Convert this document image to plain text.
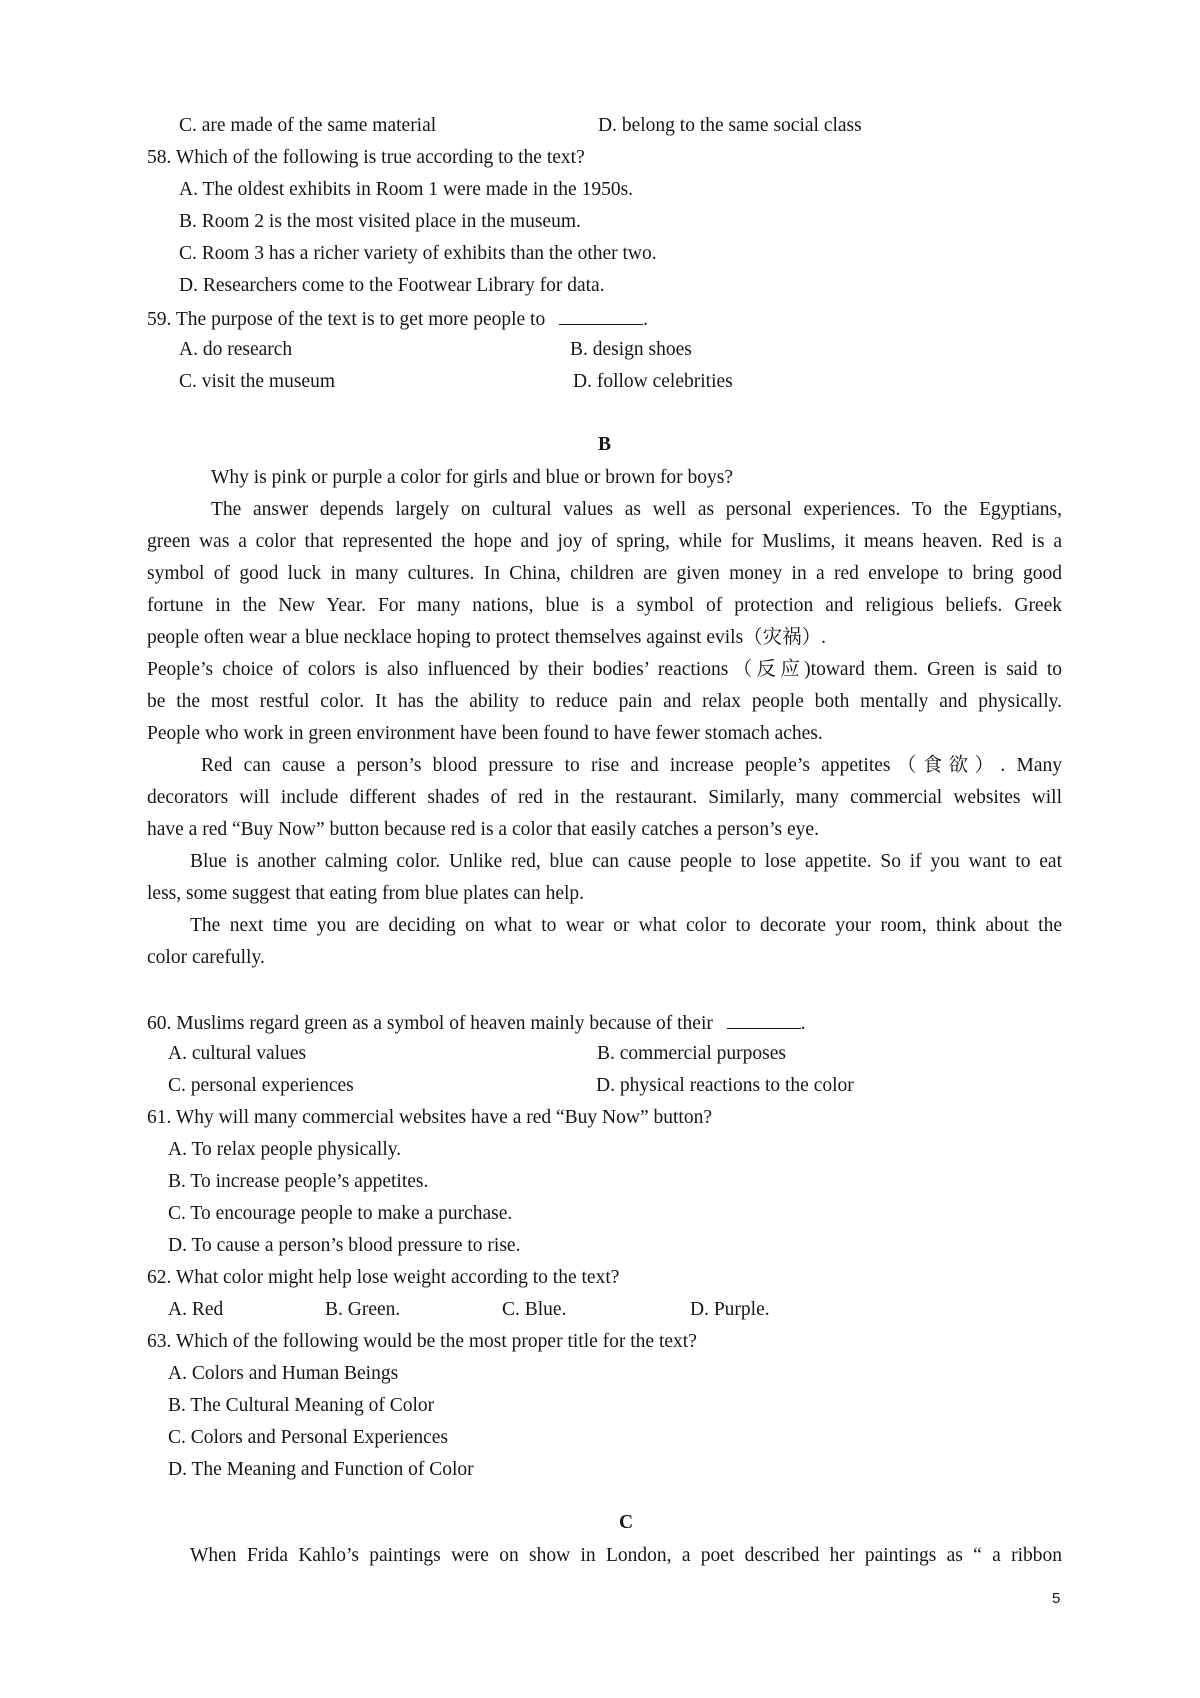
C. are made of the same material	D. belong to the same social class
58. Which of the following is true according to the text?
A. The oldest exhibits in Room 1 were made in the 1950s.
B. Room 2 is the most visited place in the museum.
C. Room 3 has a richer variety of exhibits than the other two.
D. Researchers come to the Footwear Library for data.
59. The purpose of the text is to get more people to	.
A. do research	B. design shoes
C. visit the museum	D. follow celebrities
B
Why is pink or purple a color for girls and blue or brown for boys?
The answer depends largely on cultural values as well as personal experiences. To the Egyptians,
green was a color that represented the hope and joy of spring, while for Muslims, it means heaven. Red is a
symbol of good luck in many cultures. In China, children are given money in a red envelope to bring good
fortune in the New Year. For many nations, blue is a symbol of protection and religious beliefs. Greek
people often wear a blue necklace hoping to protect themselves against evils（灾祸）.
People’s choice of colors is also influenced by their bodies’ reactions（反应)toward them. Green is said to
be the most restful color. It has the ability to reduce pain and relax people both mentally and physically.
People who work in green environment have been found to have fewer stomach aches.
Red can cause a person’s blood pressure to rise and increase people’s appetites（食欲）. Many
decorators will include different shades of red in the restaurant. Similarly, many commercial websites will
have a red “Buy Now” button because red is a color that easily catches a person’s eye.
Blue is another calming color. Unlike red, blue can cause people to lose appetite. So if you want to eat
less, some suggest that eating from blue plates can help.
The next time you are deciding on what to wear or what color to decorate your room, think about the
color carefully.
60. Muslims regard green as a symbol of heaven mainly because of their	.
A. cultural values	B. commercial purposes
C. personal experiences	D. physical reactions to the color
61. Why will many commercial websites have a red “Buy Now” button?
A. To relax people physically.
B. To increase people’s appetites.
C. To encourage people to make a purchase.
D. To cause a person’s blood pressure to rise.
62. What color might help lose weight according to the text?
A. Red	B. Green.	C. Blue.	D. Purple.
63. Which of the following would be the most proper title for the text?
A. Colors and Human Beings
B. The Cultural Meaning of Color
C. Colors and Personal Experiences
D. The Meaning and Function of Color
C
When Frida Kahlo’s paintings were on show in London, a poet described her paintings as “ a ribbon
5
